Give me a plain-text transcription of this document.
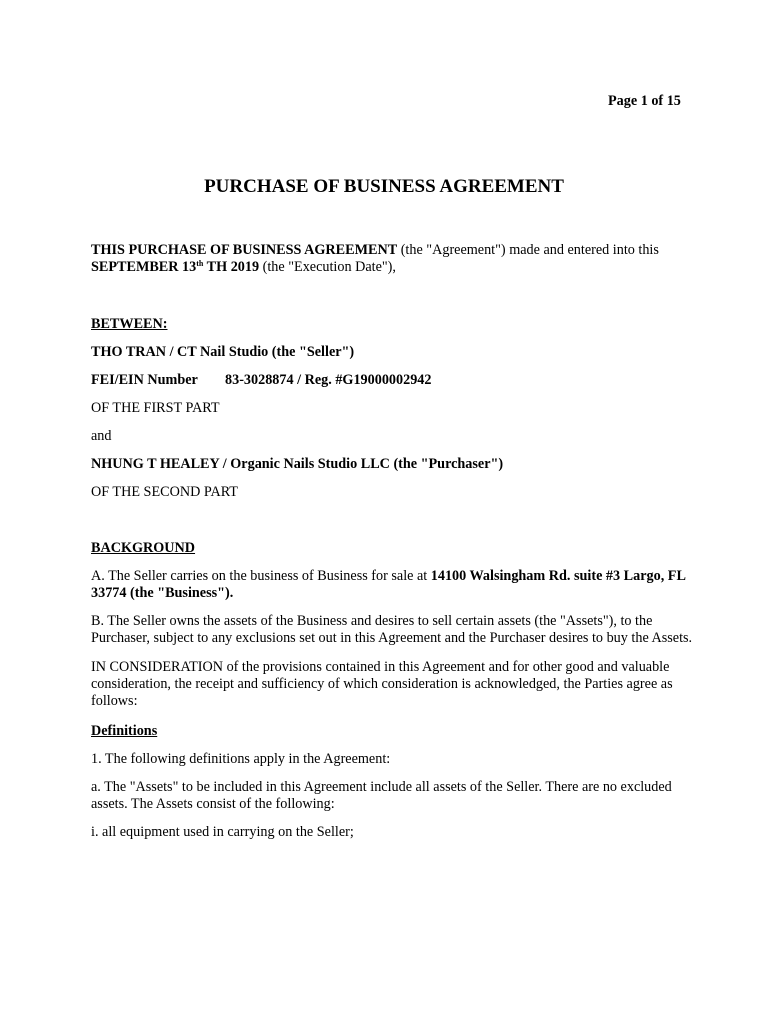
Page 1 of 15
PURCHASE OF BUSINESS AGREEMENT
THIS PURCHASE OF BUSINESS AGREEMENT (the "Agreement") made and entered into this
SEPTEMBER 13th TH 2019 (the "Execution Date"),
BETWEEN:
THO TRAN / CT Nail Studio (the "Seller")
FEI/EIN Number 83-3028874 / Reg. #G19000002942
OF THE FIRST PART
and
NHUNG T HEALEY / Organic Nails Studio LLC (the "Purchaser")
OF THE SECOND PART
BACKGROUND
A. The Seller carries on the business of Business for sale at 14100 Walsingham Rd. suite #3 Largo, FL
33774 (the "Business").
B. The Seller owns the assets of the Business and desires to sell certain assets (the "Assets"), to the
Purchaser, subject to any exclusions set out in this Agreement and the Purchaser desires to buy the Assets.
IN CONSIDERATION of the provisions contained in this Agreement and for other good and valuable
consideration, the receipt and sufficiency of which consideration is acknowledged, the Parties agree as
follows:
Definitions
1. The following definitions apply in the Agreement:
a. The "Assets" to be included in this Agreement include all assets of the Seller. There are no excluded
assets. The Assets consist of the following:
i. all equipment used in carrying on the Seller;
